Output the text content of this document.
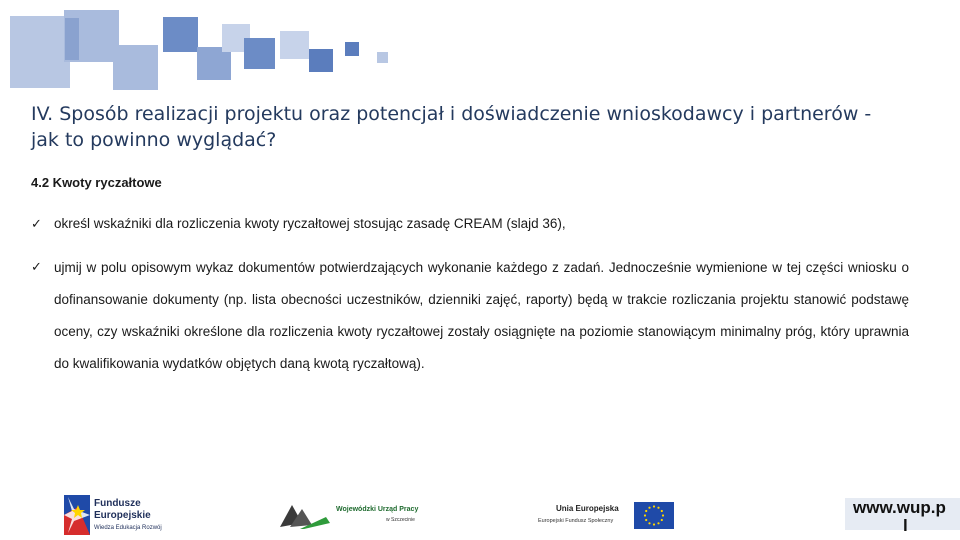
IV. Sposób realizacji projektu oraz potencjał i doświadczenie wnioskodawcy i partnerów -
jak to powinno wyglądać?
4.2 Kwoty ryczałtowe
✓ określ wskaźniki dla rozliczenia kwoty ryczałtowej stosując zasadę CREAM (slajd 36),
✓ ujmij w polu opisowym wykaz dokumentów potwierdzających wykonanie każdego z zadań. Jednocześnie wymienione w tej części wniosku o dofinansowanie dokumenty (np. lista obecności uczestników, dzienniki zajęć, raporty) będą w trakcie rozliczania projektu stanowić podstawę oceny, czy wskaźniki określone dla rozliczenia kwoty ryczałtowej zostały osiągnięte na poziomie stanowiącym minimalny próg, który uprawnia do kwalifikowania wydatków objętych daną kwotą ryczałtową).
Fundusze
Europejskie
Wiedza Edukacja Rozwój
Wojewódzki Urząd Pracy
w Szczecinie
Unia Europejska
Europejski Fundusz Społeczny
www.wup.p
l
